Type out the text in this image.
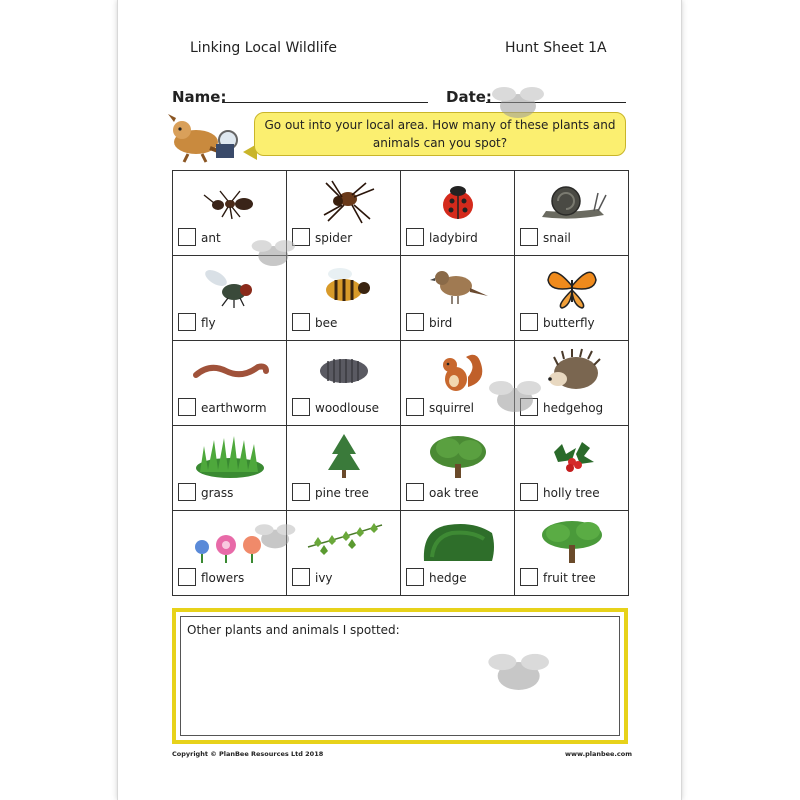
Linking Local Wildlife	Hunt Sheet 1A
Name:	Date:
Go out into your local area. How many of these plants and
animals can you spot?
ant	spider	ladybird	snail
fly	bee	bird	butterfly
earthworm	woodlouse	squirrel	hedgehog
grass	pine tree	oak tree	holly tree
flowers	ivy	hedge	fruit tree
Other plants and animals I spotted:
Copyright © PlanBee Resources Ltd 2018	www.planbee.com
